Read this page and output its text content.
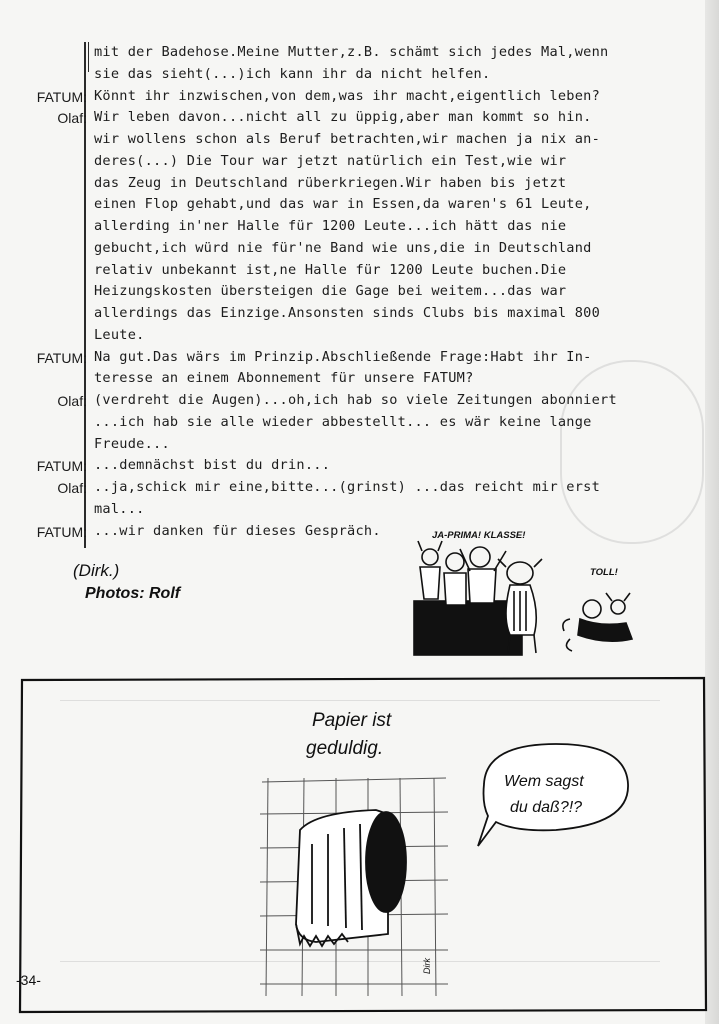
mit der Badehose.Meine Mutter,z.B. schämt sich jedes Mal,wenn
sie das sieht(...)ich kann ihr da nicht helfen.
FATUM: Könnt ihr inzwischen,von dem,was ihr macht,eigentlich leben?
Olaf: Wir leben davon...nicht all zu üppig,aber man kommt so hin.
wir wollens schon als Beruf betrachten,wir machen ja nix an-
deres(...) Die Tour war jetzt natürlich ein Test,wie wir
das Zeug in Deutschland rüberkriegen.Wir haben bis jetzt
einen Flop gehabt,und das war in Essen,da waren's 61 Leute,
allerding in'ner Halle für 1200 Leute...ich hätt das nie
gebucht,ich würd nie für'ne Band wie uns,die in Deutschland
relativ unbekannt ist,ne Halle für 1200 Leute buchen.Die
Heizungskosten übersteigen die Gage bei weitem...das war
allerdings das Einzige.Ansonsten sinds Clubs bis maximal 800
Leute.
FATUM: Na gut.Das wärs im Prinzip.Abschließende Frage:Habt ihr In-
teresse an einem Abonnement für unsere FATUM?
Olaf: (verdreht die Augen)...oh,ich hab so viele Zeitungen abonniert
...ich hab sie alle wieder abbestellt... es wär keine lange
Freude...
FATUM: ...demnächst bist du drin...
Olaf: ..ja,schick mir eine,bitte...(grinst) ...das reicht mir erst
mal...
FATUM: ...wir danken für dieses Gespräch.
(Dirk.)
Photos: Rolf
JA-PRIMA! KLASSE!
TOLL!
Papier ist
geduldig.
Wem sagst
du daß?!?
Dirk
-34-
